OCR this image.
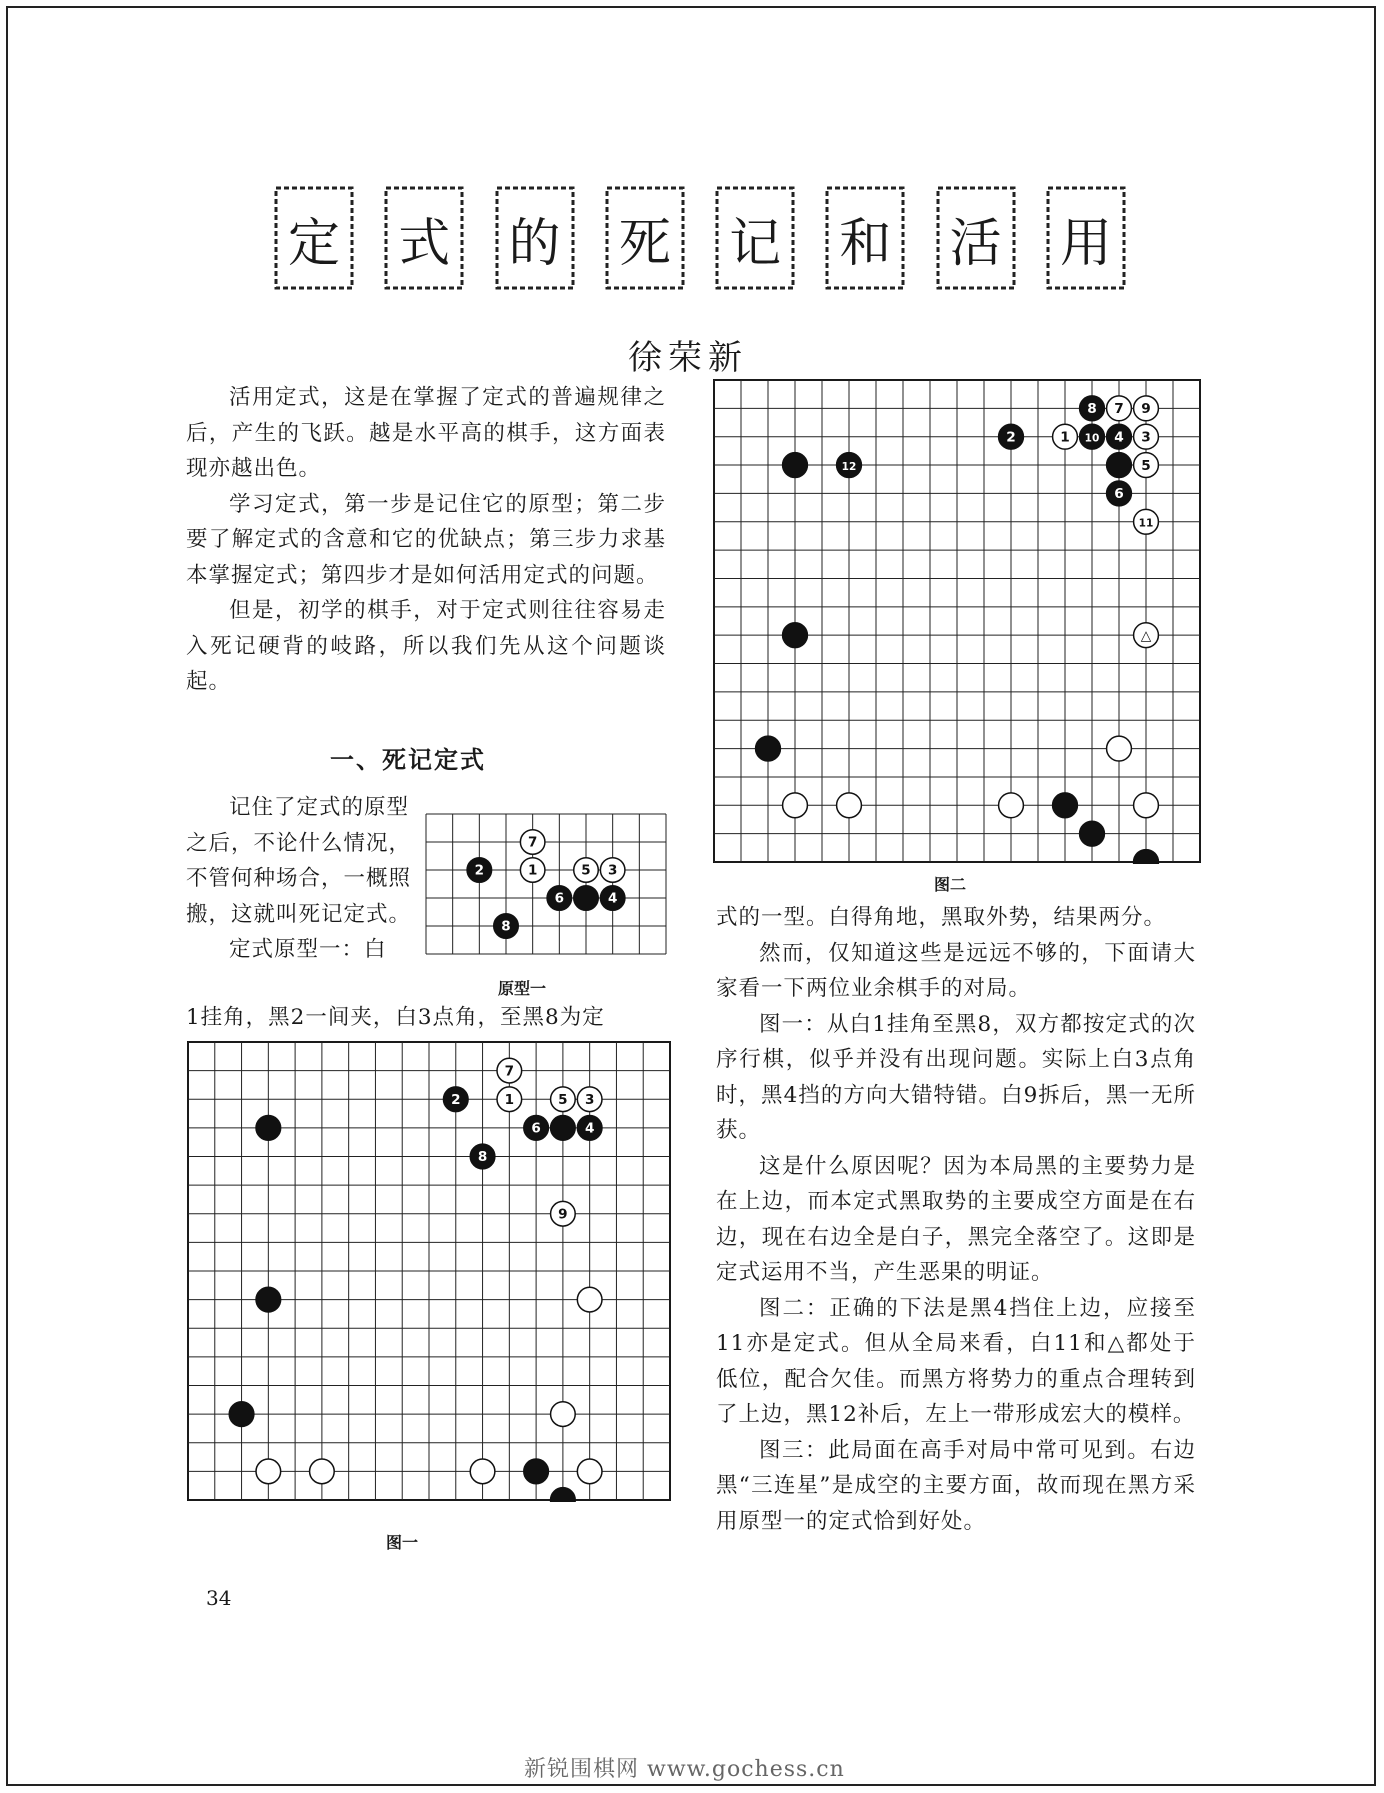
定 式 的 死 记 和 活 用
徐荣新

活用定式，这是在掌握了定式的普遍规律之后，产生的飞跃。越是水平高的棋手，这方面表现亦越出色。

学习定式，第一步是记住它的原型；第二步要了解定式的含意和它的优缺点；第三步力求基本掌握定式；第四步才是如何活用定式的问题。

但是，初学的棋手，对于定式则往往容易走入死记硬背的岐路，所以我们先从这个问题谈起。

一、死记定式

记住了定式的原型之后，不论什么情况，不管何种场合，一概照搬，这就叫死记定式。

定式原型一：白

1挂角，黑2一间夹，白3点角，至黑8为定
2
7
1	5 3
6	4
8
原型一
7
2	1	5 3
6	4
8
9
图一
8 7 9
2	1 10 4 3
12	5
6
11
△
图二

式的一型。白得角地，黑取外势，结果两分。

然而，仅知道这些是远远不够的，下面请大家看一下两位业余棋手的对局。

图一：从白1挂角至黑8，双方都按定式的次序行棋，似乎并没有出现问题。实际上白3点角时，黑4挡的方向大错特错。白9拆后，黑一无所获。

这是什么原因呢？因为本局黑的主要势力是在上边，而本定式黑取势的主要成空方面是在右边，现在右边全是白子，黑完全落空了。这即是定式运用不当，产生恶果的明证。

图二：正确的下法是黑4挡住上边，应接至11亦是定式。但从全局来看，白11和△都处于低位，配合欠佳。而黑方将势力的重点合理转到了上边，黑12补后，左上一带形成宏大的模样。

图三：此局面在高手对局中常可见到。右边黑“三连星”是成空的主要方面，故而现在黑方采用原型一的定式恰到好处。

34
新锐围棋网 www.gochess.cn
